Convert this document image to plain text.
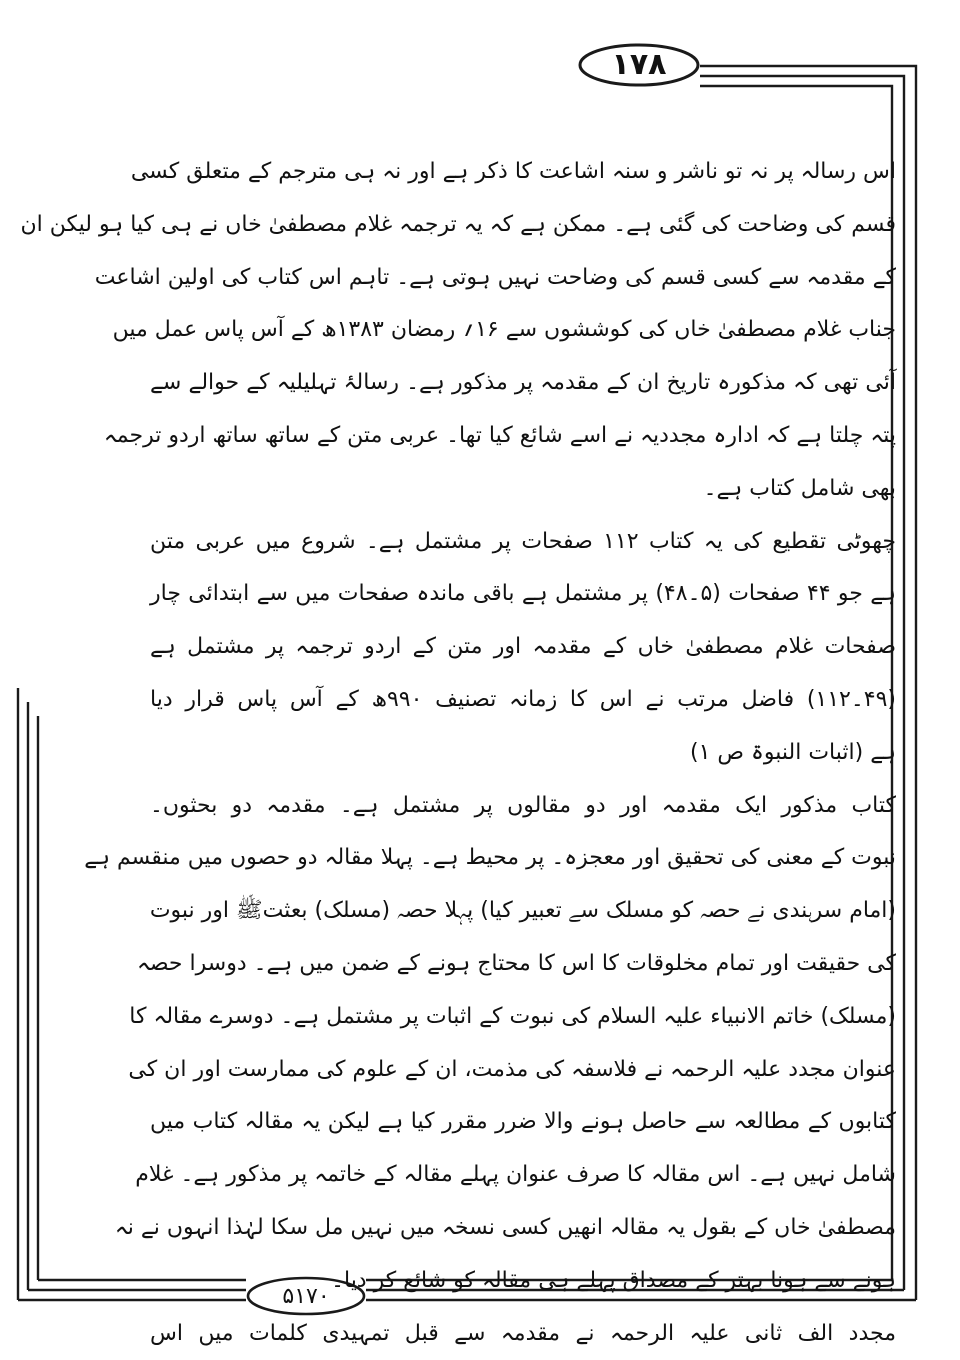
۱۷۸
۵۱۷۰
اس رسالہ پر نہ تو ناشر و سنہ اشاعت کا ذکر ہے اور نہ ہی مترجم کے متعلق کسی
قسم کی وضاحت کی گئی ہے۔ ممکن ہے کہ یہ ترجمہ غلام مصطفیٰ خاں نے ہی کیا ہو لیکن ان
کے مقدمہ سے کسی قسم کی وضاحت نہیں ہوتی ہے۔ تاہم اس کتاب کی اولین اشاعت
جناب غلام مصطفیٰ خاں کی کوششوں سے ۱۶؍ رمضان ۱۳۸۳ھ کے آس پاس عمل میں
آئی تھی کہ مذکورہ تاریخ ان کے مقدمہ پر مذکور ہے۔ رسالۂ تہلیلیہ کے حوالے سے
پتہ چلتا ہے کہ ادارہ مجددیہ نے اسے شائع کیا تھا۔ عربی متن کے ساتھ ساتھ اردو ترجمہ
بھی شامل کتاب ہے۔
چھوٹی تقطیع کی یہ کتاب ۱۱۲ صفحات پر مشتمل ہے۔ شروع میں عربی متن
ہے جو ۴۴ صفحات (۵۔۴۸) پر مشتمل ہے باقی ماندہ صفحات میں سے ابتدائی چار
صفحات غلام مصطفیٰ خاں کے مقدمہ اور متن کے اردو ترجمہ پر مشتمل ہے
(۴۹۔۱۱۲) فاضل مرتب نے اس کا زمانہ تصنیف ۹۹۰ھ کے آس پاس قرار دیا
ہے (اثبات النبوۃ ص ۱)
کتاب مذکور ایک مقدمہ اور دو مقالوں پر مشتمل ہے۔ مقدمہ دو بحثوں۔
نبوت کے معنی کی تحقیق اور معجزہ۔ پر محیط ہے۔ پہلا مقالہ دو حصوں میں منقسم ہے
(امام سرہندی نے حصہ کو مسلک سے تعبیر کیا) پہلا حصہ (مسلک) بعثتﷺ اور نبوت
کی حقیقت اور تمام مخلوقات کا اس کا محتاج ہونے کے ضمن میں ہے۔ دوسرا حصہ
(مسلک) خاتم الانبیاء علیہ السلام کی نبوت کے اثبات پر مشتمل ہے۔ دوسرے مقالہ کا
عنوان مجدد علیہ الرحمہ نے فلاسفہ کی مذمت، ان کے علوم کی ممارست اور ان کی
کتابوں کے مطالعہ سے حاصل ہونے والا ضرر مقرر کیا ہے لیکن یہ مقالہ کتاب میں
شامل نہیں ہے۔ اس مقالہ کا صرف عنوان پہلے مقالہ کے خاتمہ پر مذکور ہے۔ غلام
مصطفیٰ خاں کے بقول یہ مقالہ انھیں کسی نسخہ میں نہیں مل سکا لہٰذا انہوں نے نہ
ہونے سے ہونا بہتر کے مصداق پہلے ہی مقالہ کو شائع کر دیا۔
مجدد الف ثانی علیہ الرحمہ نے مقدمہ سے قبل تمہیدی کلمات میں اس
